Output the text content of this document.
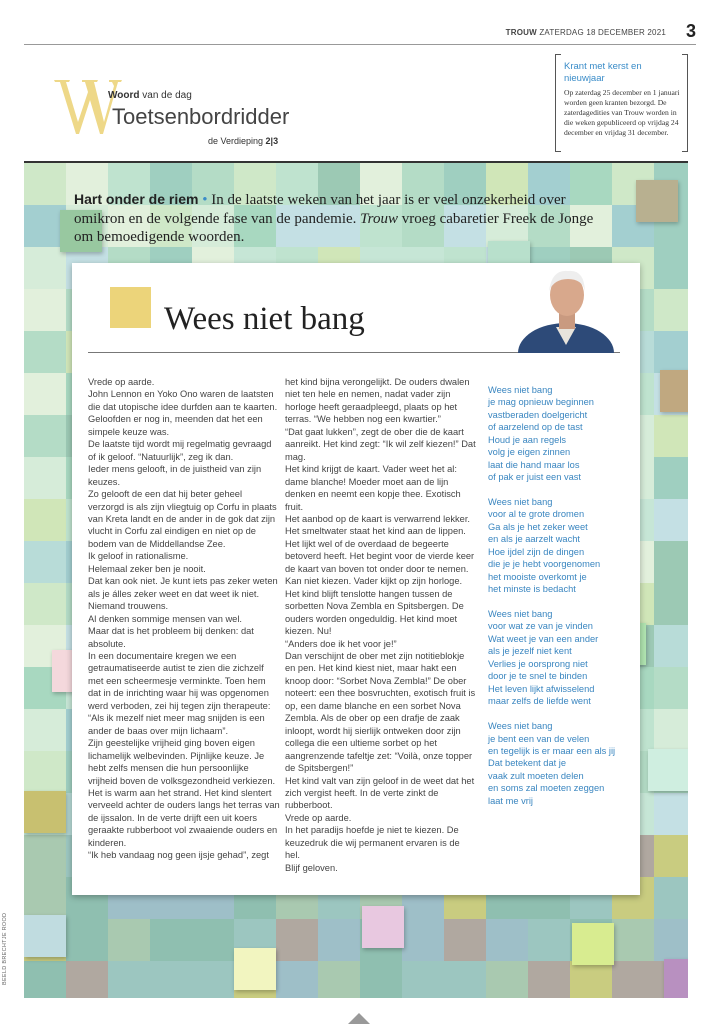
TROUW ZATERDAG 18 DECEMBER 2021 3
Woord van de dag
Toetsenbordridder
de Verdieping 2|3
Krant met kerst en nieuwjaar
Op zaterdag 25 december en 1 januari worden geen kranten bezorgd. De zaterdagedities van Trouw worden in die weken gepubliceerd op vrijdag 24 december en vrijdag 31 december.
Hart onder de riem • In de laatste weken van het jaar is er veel onzekerheid over omikron en de volgende fase van de pandemie. Trouw vroeg cabaretier Freek de Jonge om bemoedigende woorden.
Wees niet bang

Vrede op aarde.

John Lennon en Yoko Ono waren de laatsten die dat utopische idee durfden aan te kaarten. Geloofden er nog in, meenden dat het een simpele keuze was.

De laatste tijd wordt mij regelmatig gevraagd of ik geloof. “Natuurlijk”, zeg ik dan.

Ieder mens gelooft, in de juistheid van zijn keuzes.

Zo gelooft de een dat hij beter geheel verzorgd is als zijn vliegtuig op Corfu in plaats van Kreta landt en de ander in de gok dat zijn vlucht in Corfu zal eindigen en niet op de bodem van de Middellandse Zee.

Ik geloof in rationalisme.

Helemaal zeker ben je nooit.

Dat kan ook niet. Je kunt iets pas zeker weten als je álles zeker weet en dat weet ik niet. Niemand trouwens.

Al denken sommige mensen van wel.

Maar dat is het probleem bij denken: dat absolute.

In een documentaire kregen we een getraumatiseerde autist te zien die zichzelf met een scheermesje verminkte. Toen hem dat in de inrichting waar hij was opgenomen werd verboden, zei hij tegen zijn therapeute: “Als ik mezelf niet meer mag snijden is een ander de baas over mijn lichaam”.

Zijn geestelijke vrijheid ging boven eigen lichamelijk welbevinden. Pijnlijke keuze. Je hebt zelfs mensen die hun persoonlijke vrijheid boven de volksgezondheid verkiezen.

Het is warm aan het strand. Het kind slentert verveeld achter de ouders langs het terras van de ijssalon. In de verte drijft een uit koers geraakte rubberboot vol zwaaiende ouders en kinderen.

“Ik heb vandaag nog geen ijsje gehad”, zegt

het kind bijna verongelijkt. De ouders dwalen niet ten hele en nemen, nadat vader zijn horloge heeft geraadpleegd, plaats op het terras. “We hebben nog een kwartier.”

“Dat gaat lukken”, zegt de ober die de kaart aanreikt. Het kind zegt: “Ik wil zelf kiezen!” Dat mag.

Het kind krijgt de kaart. Vader weet het al: dame blanche! Moeder moet aan de lijn denken en neemt een kopje thee. Exotisch fruit.

Het aanbod op de kaart is verwarrend lekker. Het smeltwater staat het kind aan de lippen. Het lijkt wel of de overdaad de begeerte betoverd heeft. Het begint voor de vierde keer de kaart van boven tot onder door te nemen. Kan niet kiezen. Vader kijkt op zijn horloge. Het kind blijft tenslotte hangen tussen de sorbetten Nova Zembla en Spitsbergen. De ouders worden ongeduldig. Het kind moet kiezen. Nu!

“Anders doe ik het voor je!”

Dan verschijnt de ober met zijn notitieblokje en pen. Het kind kiest niet, maar hakt een knoop door: “Sorbet Nova Zembla!” De ober noteert: een thee bosvruchten, exotisch fruit is op, een dame blanche en een sorbet Nova Zembla. Als de ober op een drafje de zaak inloopt, wordt hij sierlijk ontweken door zijn collega die een ultieme sorbet op het aangrenzende tafeltje zet: “Voilà, onze topper de Spitsbergen!”

Het kind valt van zijn geloof in de weet dat het zich vergist heeft. In de verte zinkt de rubberboot.

Vrede op aarde.

In het paradijs hoefde je niet te kiezen. De keuzedruk die wij permanent ervaren is de hel.

Blijf geloven.

Wees niet bang
je mag opnieuw beginnen
vastberaden doelgericht
of aarzelend op de tast
Houd je aan regels
volg je eigen zinnen
laat die hand maar los
of pak er juist een vast
Wees niet bang
voor al te grote dromen
Ga als je het zeker weet
en als je aarzelt wacht
Hoe ijdel zijn de dingen
die je je hebt voorgenomen
het mooiste overkomt je
het minste is bedacht
Wees niet bang
voor wat ze van je vinden
Wat weet je van een ander
als je jezelf niet kent
Verlies je oorsprong niet
door je te snel te binden
Het leven lijkt afwisselend
maar zelfs de liefde went
Wees niet bang
je bent een van de velen
en tegelijk is er maar een als jij
Dat betekent dat je
vaak zult moeten delen
en soms zal moeten zeggen
laat me vrij
BEELD BRECHTJE ROOD
